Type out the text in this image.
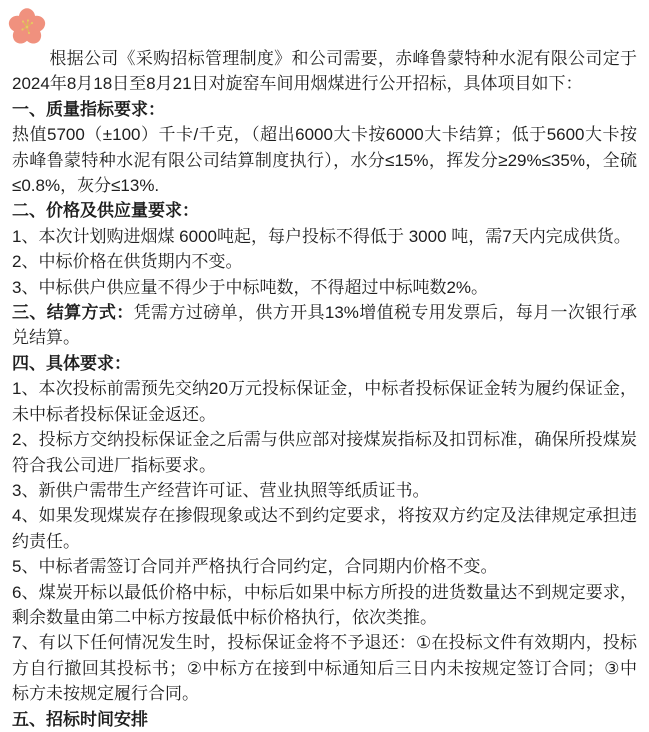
根据公司《采购招标管理制度》和公司需要，赤峰鲁蒙特种水泥有限公司定于2024年8月18日至8月21日对旋窑车间用烟煤进行公开招标，具体项目如下：

一、质量指标要求：

热值5700（±100）千卡/千克，（超出6000大卡按6000大卡结算；低于5600大卡按赤峰鲁蒙特种水泥有限公司结算制度执行），水分≤15%，挥发分≥29%≤35%，全硫≤0.8%，灰分≤13%.

二、价格及供应量要求：

1、本次计划购进烟煤 6000吨起，每户投标不得低于 3000 吨，需7天内完成供货。

2、中标价格在供货期内不变。

3、中标供户供应量不得少于中标吨数，不得超过中标吨数2%。

三、结算方式：凭需方过磅单，供方开具13%增值税专用发票后，每月一次银行承兑结算。

四、具体要求：

1、本次投标前需预先交纳20万元投标保证金，中标者投标保证金转为履约保证金，未中标者投标保证金返还。

2、投标方交纳投标保证金之后需与供应部对接煤炭指标及扣罚标准，确保所投煤炭符合我公司进厂指标要求。

3、新供户需带生产经营许可证、营业执照等纸质证书。

4、如果发现煤炭存在掺假现象或达不到约定要求，将按双方约定及法律规定承担违约责任。

5、中标者需签订合同并严格执行合同约定，合同期内价格不变。

6、煤炭开标以最低价格中标，中标后如果中标方所投的进货数量达不到规定要求，剩余数量由第二中标方按最低中标价格执行，依次类推。

7、有以下任何情况发生时，投标保证金将不予退还：①在投标文件有效期内，投标方自行撤回其投标书；②中标方在接到中标通知后三日内未按规定签订合同；③中标方未按规定履行合同。

五、招标时间安排
